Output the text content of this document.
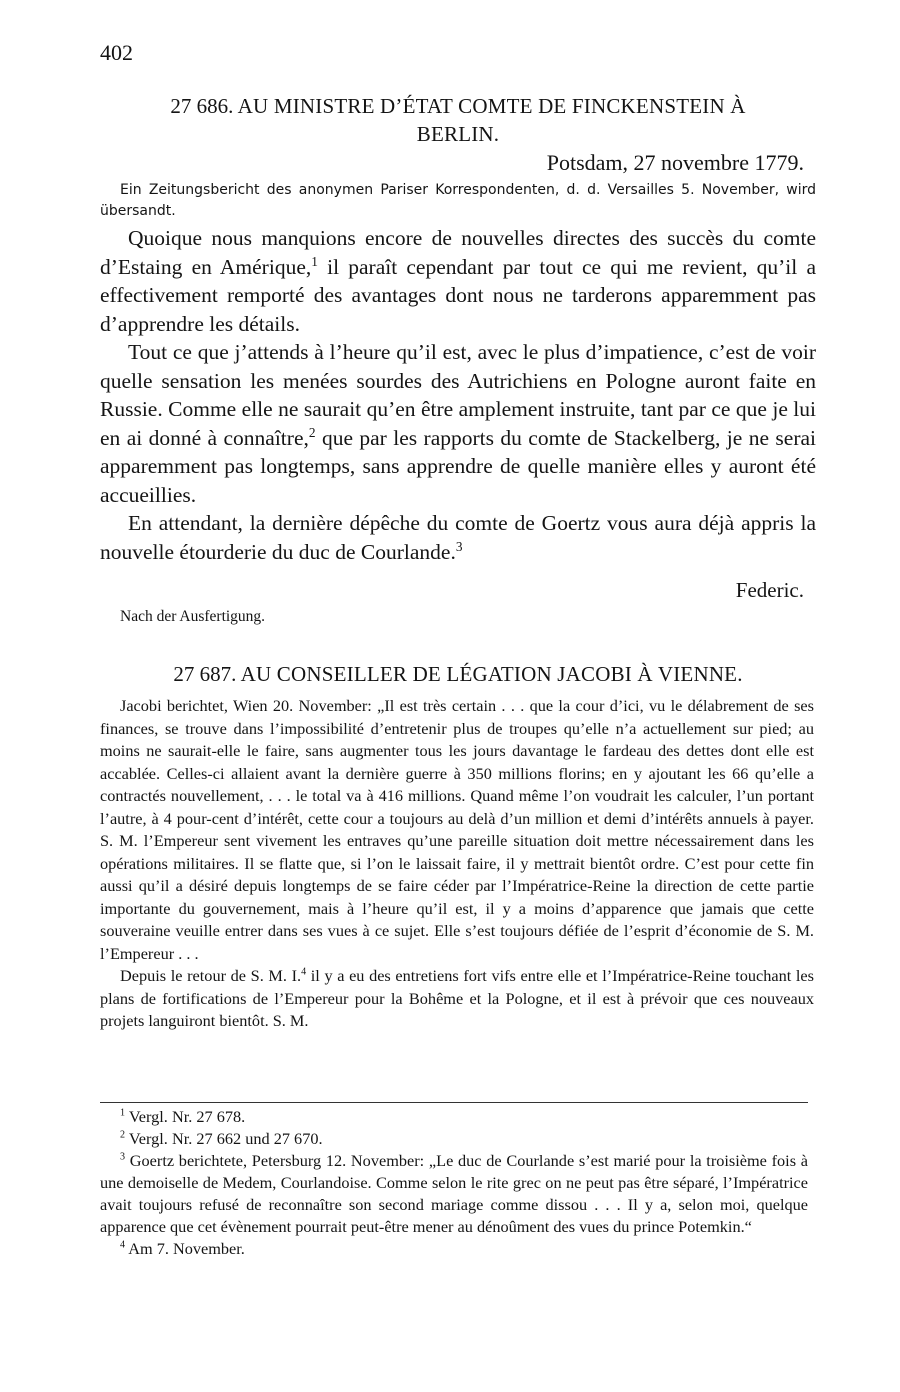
402
27 686. AU MINISTRE D’ÉTAT COMTE DE FINCKENSTEIN À
BERLIN.
Potsdam, 27 novembre 1779.
Ein Zeitungsbericht des anonymen Pariser Korrespondenten, d. d. Versailles 5. November, wird übersandt.

Quoique nous manquions encore de nouvelles directes des succès du comte d’Estaing en Amérique,$^1$ il paraît cependant par tout ce qui me revient, qu’il a effectivement remporté des avantages dont nous ne tarderons apparemment pas d’apprendre les détails.

Tout ce que j’attends à l’heure qu’il est, avec le plus d’impatience, c’est de voir quelle sensation les menées sourdes des Autrichiens en Pologne auront faite en Russie. Comme elle ne saurait qu’en être amplement instruite, tant par ce que je lui en ai donné à connaître,$^2$ que par les rapports du comte de Stackelberg, je ne serai apparemment pas longtemps, sans apprendre de quelle manière elles y auront été accueillies.

En attendant, la dernière dépêche du comte de Goertz vous aura déjà appris la nouvelle étourderie du duc de Courlande.$^3$

Federic.
Nach der Ausfertigung.
27 687. AU CONSEILLER DE LÉGATION JACOBI À VIENNE.

Jacobi berichtet, Wien 20. November: „Il est très certain . . . que la cour d’ici, vu le délabrement de ses finances, se trouve dans l’impossibilité d’entretenir plus de troupes qu’elle n’a actuellement sur pied; au moins ne saurait-elle le faire, sans augmenter tous les jours davantage le fardeau des dettes dont elle est accablée. Celles-ci allaient avant la dernière guerre à 350 millions florins; en y ajoutant les 66 qu’elle a contractés nouvellement, . . . le total va à 416 millions. Quand même l’on voudrait les calculer, l’un portant l’autre, à 4 pour-cent d’intérêt, cette cour a toujours au delà d’un million et demi d’intérêts annuels à payer. S. M. l’Empereur sent vivement les entraves qu’une pareille situation doit mettre nécessairement dans les opérations militaires. Il se flatte que, si l’on le laissait faire, il y mettrait bientôt ordre. C’est pour cette fin aussi qu’il a désiré depuis longtemps de se faire céder par l’Impératrice-Reine la direction de cette partie importante du gouvernement, mais à l’heure qu’il est, il y a moins d’apparence que jamais que cette souveraine veuille entrer dans ses vues à ce sujet. Elle s’est toujours défiée de l’esprit d’économie de S. M. l’Empereur . . .

Depuis le retour de S. M. I.$^4$ il y a eu des entretiens fort vifs entre elle et l’Impératrice-Reine touchant les plans de fortifications de l’Empereur pour la Bohême et la Pologne, et il est à prévoir que ces nouveaux projets languiront bientôt. S. M.

$^1$ Vergl. Nr. 27 678.

$^2$ Vergl. Nr. 27 662 und 27 670.

$^3$ Goertz berichtete, Petersburg 12. November: „Le duc de Courlande s’est marié pour la troisième fois à une demoiselle de Medem, Courlandoise. Comme selon le rite grec on ne peut pas être séparé, l’Impératrice avait toujours refusé de reconnaître son second mariage comme dissou . . . Il y a, selon moi, quelque apparence que cet évènement pourrait peut-être mener au dénoûment des vues du prince Potemkin.“

$^4$ Am 7. November.
